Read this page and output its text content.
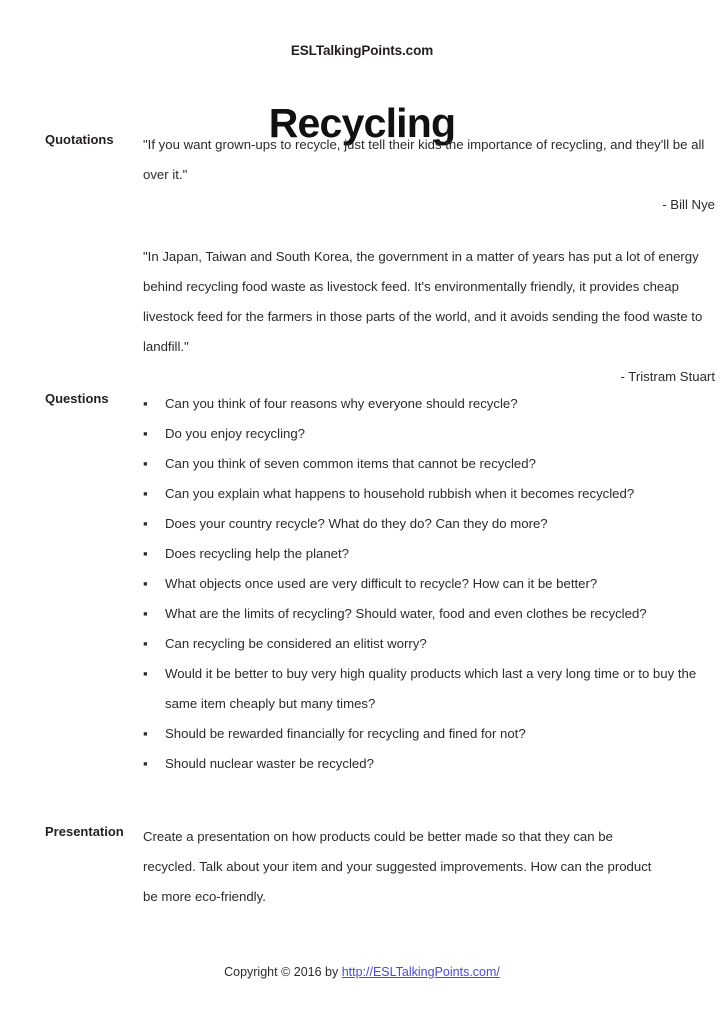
ESLTalkingPoints.com
Recycling
Quotations	"If you want grown-ups to recycle, just tell their kids the importance of recycling, and they'll be all over it."
- Bill Nye
"In Japan, Taiwan and South Korea, the government in a matter of years has put a lot of energy behind recycling food waste as livestock feed. It's environmentally friendly, it provides cheap livestock feed for the farmers in those parts of the world, and it avoids sending the food waste to landfill."
- Tristram Stuart
Questions	▪	Can you think of four reasons why everyone should recycle?
▪	Do you enjoy recycling?
▪	Can you think of seven common items that cannot be recycled?
▪	Can you explain what happens to household rubbish when it becomes recycled?
▪	Does your country recycle? What do they do? Can they do more?
▪	Does recycling help the planet?
▪	What objects once used are very difficult to recycle? How can it be better?
▪	What are the limits of recycling? Should water, food and even clothes be recycled?
▪	Can recycling be considered an elitist worry?
▪	Would it be better to buy very high quality products which last a very long time or to buy the same item cheaply but many times?
▪	Should be rewarded financially for recycling and fined for not?
▪	Should nuclear waster be recycled?
Presentation	Create a presentation on how products could be better made so that they can be recycled. Talk about your item and your suggested improvements. How can the product be more eco-friendly.
Copyright © 2016 by http://ESLTalkingPoints.com/
